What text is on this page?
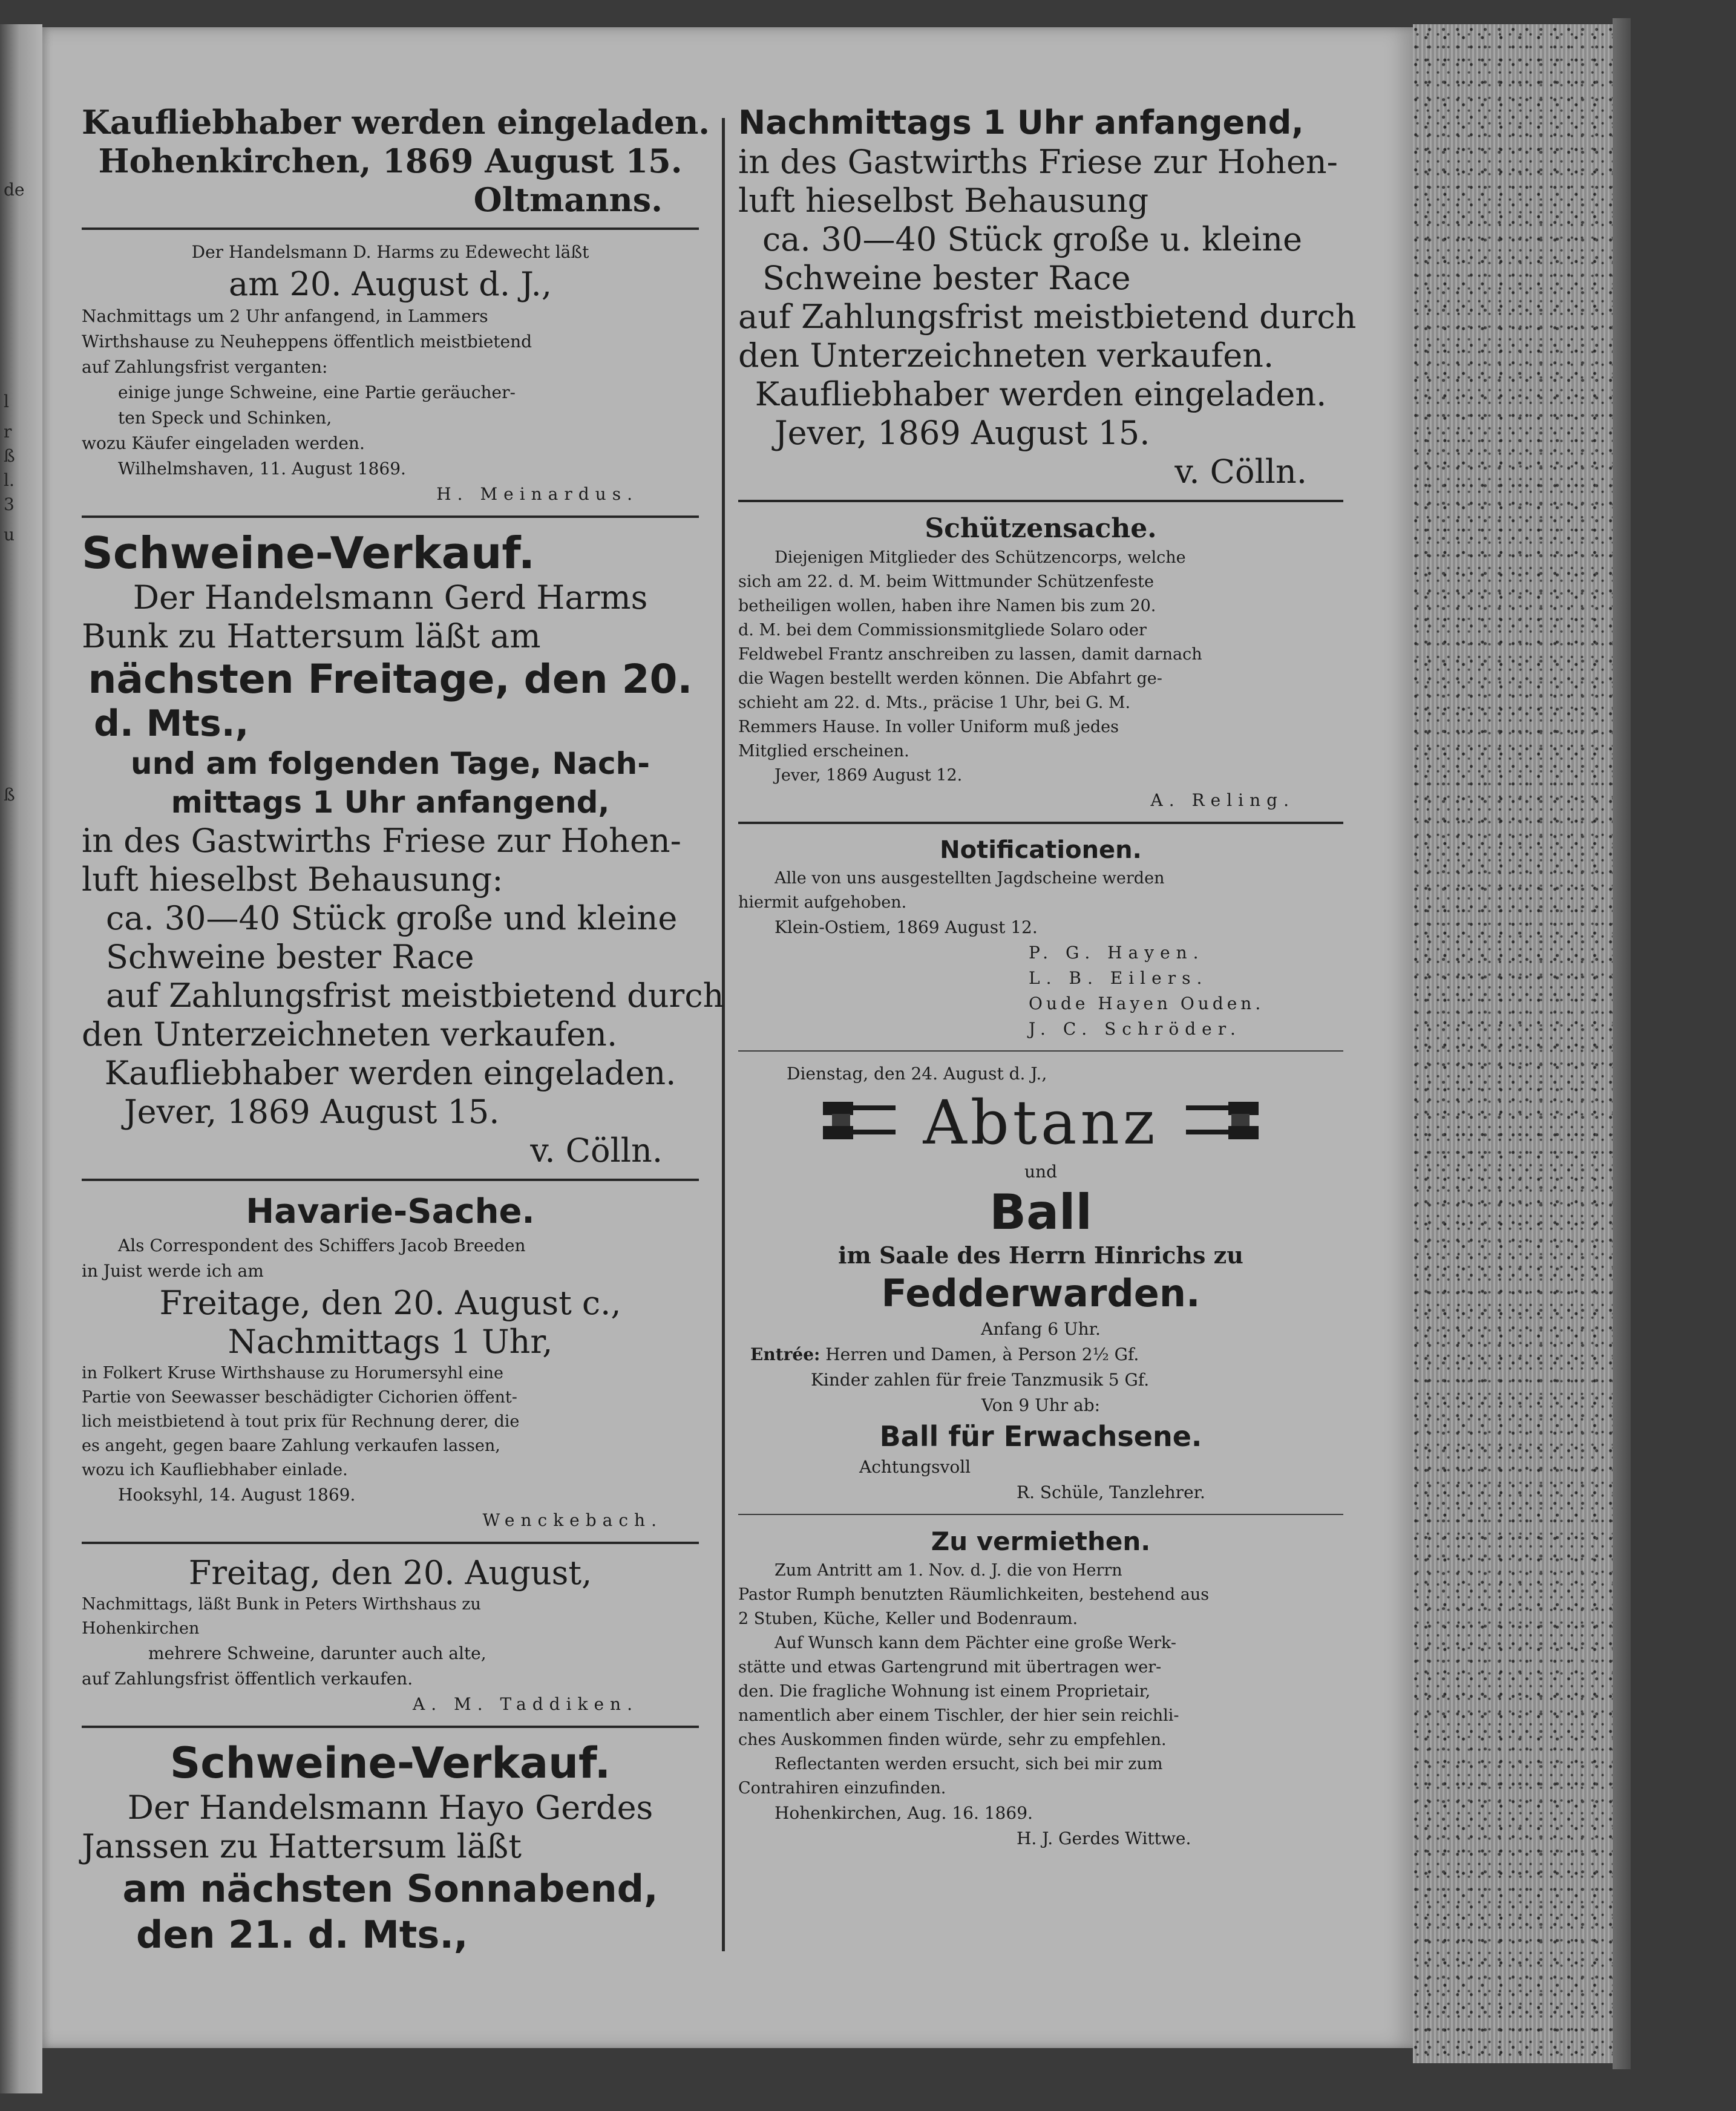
de
l
r
ß
3
u
l.
ß
Kaufliebhaber werden eingeladen.
Hohenkirchen, 1869 August 15.
Oltmanns.
Der Handelsmann D. Harms zu Edewecht läßt
am 20. August d. J.,
Nachmittags um 2 Uhr anfangend, in Lammers
Wirthshause zu Neuheppens öffentlich meistbietend
auf Zahlungsfrist verganten:
einige junge Schweine, eine Partie geräucher-
ten Speck und Schinken,
wozu Käufer eingeladen werden.
Wilhelmshaven, 11. August 1869.
H. Meinardus.
Schweine-Verkauf.
Der Handelsmann Gerd Harms
Bunk zu Hattersum läßt am
nächsten Freitage, den 20.
d. Mts.,
und am folgenden Tage, Nach-
mittags 1 Uhr anfangend,
in des Gastwirths Friese zur Hohen-
luft hieselbst Behausung:
ca. 30—40 Stück große und kleine
Schweine bester Race
auf Zahlungsfrist meistbietend durch
den Unterzeichneten verkaufen.
Kaufliebhaber werden eingeladen.
Jever, 1869 August 15.
v. Cölln.
Havarie-Sache.
Als Correspondent des Schiffers Jacob Breeden
in Juist werde ich am
Freitage, den 20. August c.,
Nachmittags 1 Uhr,
in Folkert Kruse Wirthshause zu Horumersyhl eine
Partie von Seewasser beschädigter Cichorien öffent-
lich meistbietend à tout prix für Rechnung derer, die
es angeht, gegen baare Zahlung verkaufen lassen,
wozu ich Kaufliebhaber einlade.
Hooksyhl, 14. August 1869.
Wenckebach.
Freitag, den 20. August,
Nachmittags, läßt Bunk in Peters Wirthshaus zu
Hohenkirchen
mehrere Schweine, darunter auch alte,
auf Zahlungsfrist öffentlich verkaufen.
A. M. Taddiken.
Schweine-Verkauf.
Der Handelsmann Hayo Gerdes
Janssen zu Hattersum läßt
am nächsten Sonnabend,
den 21. d. Mts.,
Nachmittags 1 Uhr anfangend,
in des Gastwirths Friese zur Hohen-
luft hieselbst Behausung
ca. 30—40 Stück große u. kleine
Schweine bester Race
auf Zahlungsfrist meistbietend durch
den Unterzeichneten verkaufen.
Kaufliebhaber werden eingeladen.
Jever, 1869 August 15.
v. Cölln.
Schützensache.
Diejenigen Mitglieder des Schützencorps, welche
sich am 22. d. M. beim Wittmunder Schützenfeste
betheiligen wollen, haben ihre Namen bis zum 20.
d. M. bei dem Commissionsmitgliede Solaro oder
Feldwebel Frantz anschreiben zu lassen, damit darnach
die Wagen bestellt werden können. Die Abfahrt ge-
schieht am 22. d. Mts., präcise 1 Uhr, bei G. M.
Remmers Hause. In voller Uniform muß jedes
Mitglied erscheinen.
Jever, 1869 August 12.
A. Reling.
Notificationen.
Alle von uns ausgestellten Jagdscheine werden
hiermit aufgehoben.
Klein-Ostiem, 1869 August 12.
P. G. Hayen.
L. B. Eilers.
Oude Hayen Ouden.
J. C. Schröder.
Dienstag, den 24. August d. J.,
Abtanz
und
Ball
im Saale des Herrn Hinrichs zu
Fedderwarden.
Anfang 6 Uhr.
Entrée: Herren und Damen, à Person 2½ Gf.
Kinder zahlen für freie Tanzmusik 5 Gf.
Von 9 Uhr ab:
Ball für Erwachsene.
Achtungsvoll
R. Schüle, Tanzlehrer.
Zu vermiethen.
Zum Antritt am 1. Nov. d. J. die von Herrn
Pastor Rumph benutzten Räumlichkeiten, bestehend aus
2 Stuben, Küche, Keller und Bodenraum.
Auf Wunsch kann dem Pächter eine große Werk-
stätte und etwas Gartengrund mit übertragen wer-
den. Die fragliche Wohnung ist einem Proprietair,
namentlich aber einem Tischler, der hier sein reichli-
ches Auskommen finden würde, sehr zu empfehlen.
Reflectanten werden ersucht, sich bei mir zum
Contrahiren einzufinden.
Hohenkirchen, Aug. 16. 1869.
H. J. Gerdes Wittwe.
